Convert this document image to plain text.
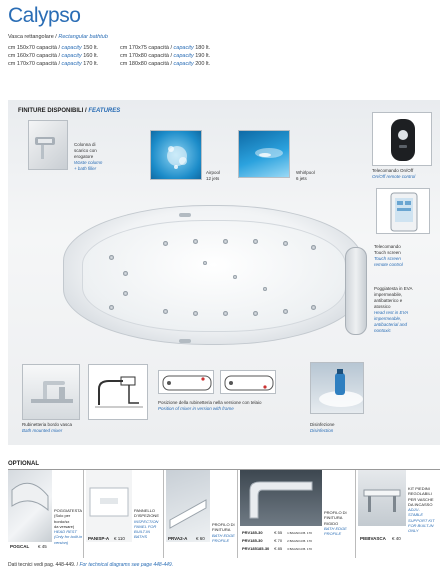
Calypso
Vasca rettangolare / Rectangular bathtub
cm 150x70 capacità / capacity 150 lt.
cm 160x70 capacità / capacity 160 lt.
cm 170x70 capacità / capacity 170 lt.
cm 170x75 capacità / capacity 180 lt.
cm 170x80 capacità / capacity 190 lt.
cm 180x80 capacità / capacity 200 lt.
FINITURE DISPONIBILI / FEATURES
Colonna di
scarico con
erogatore
Waste column
+ bath filler
Airpool
12 jets
Whirlpool
6 jets
Telecomando On/Off
On/Off remote control
Telecomando
Touch screen
Touch screen
remote control
Poggiatesta in EVA
impermeabile,
antibatterico e
atossico
Head rest in EVA
impermeable,
antibacterial and
nontoxic
Rubinetteria bordo vasca
Bath mounted mixer
Posizione della rubinetteria nella versione con telaio
Position of mixer in version with frame
Disinfezione
Disinfection
OPTIONAL
POGGIATESTA
(Solo per
bordo/sx
da versare)
HEAD REST
(Only for built-in
version)
POGCAL € 45
PANNELLO
D'ISPEZIONE
INSPECTION
PANEL FOR
BUILT-IN
BATHS
PANISP-A € 110
PROFILO DI
FINITURA
BATH EDGE
PROFILE
PRVA2-A € 60
PROFILO DI
FINITURA
RIGIDO
BATH EDGE
PROFILE
PRV185-30	€ 55	1 BAGNO-FB. 170
PRV185-30	€ 70	2 BAGNO-FB. 170
PRV185185-30	€ 85	3 BAGNO-FB. 170
KIT PIEDINI
REGOLABILI
PER VASCHE
DA INCASSO
ADJU-
STABLE
SUPPORT KIT
FOR BUILT-IN
ONLY
PIEBVASCA € 40
Dati tecnici vedi pag. 448-449. / For technical diagrams see page 448-449.
